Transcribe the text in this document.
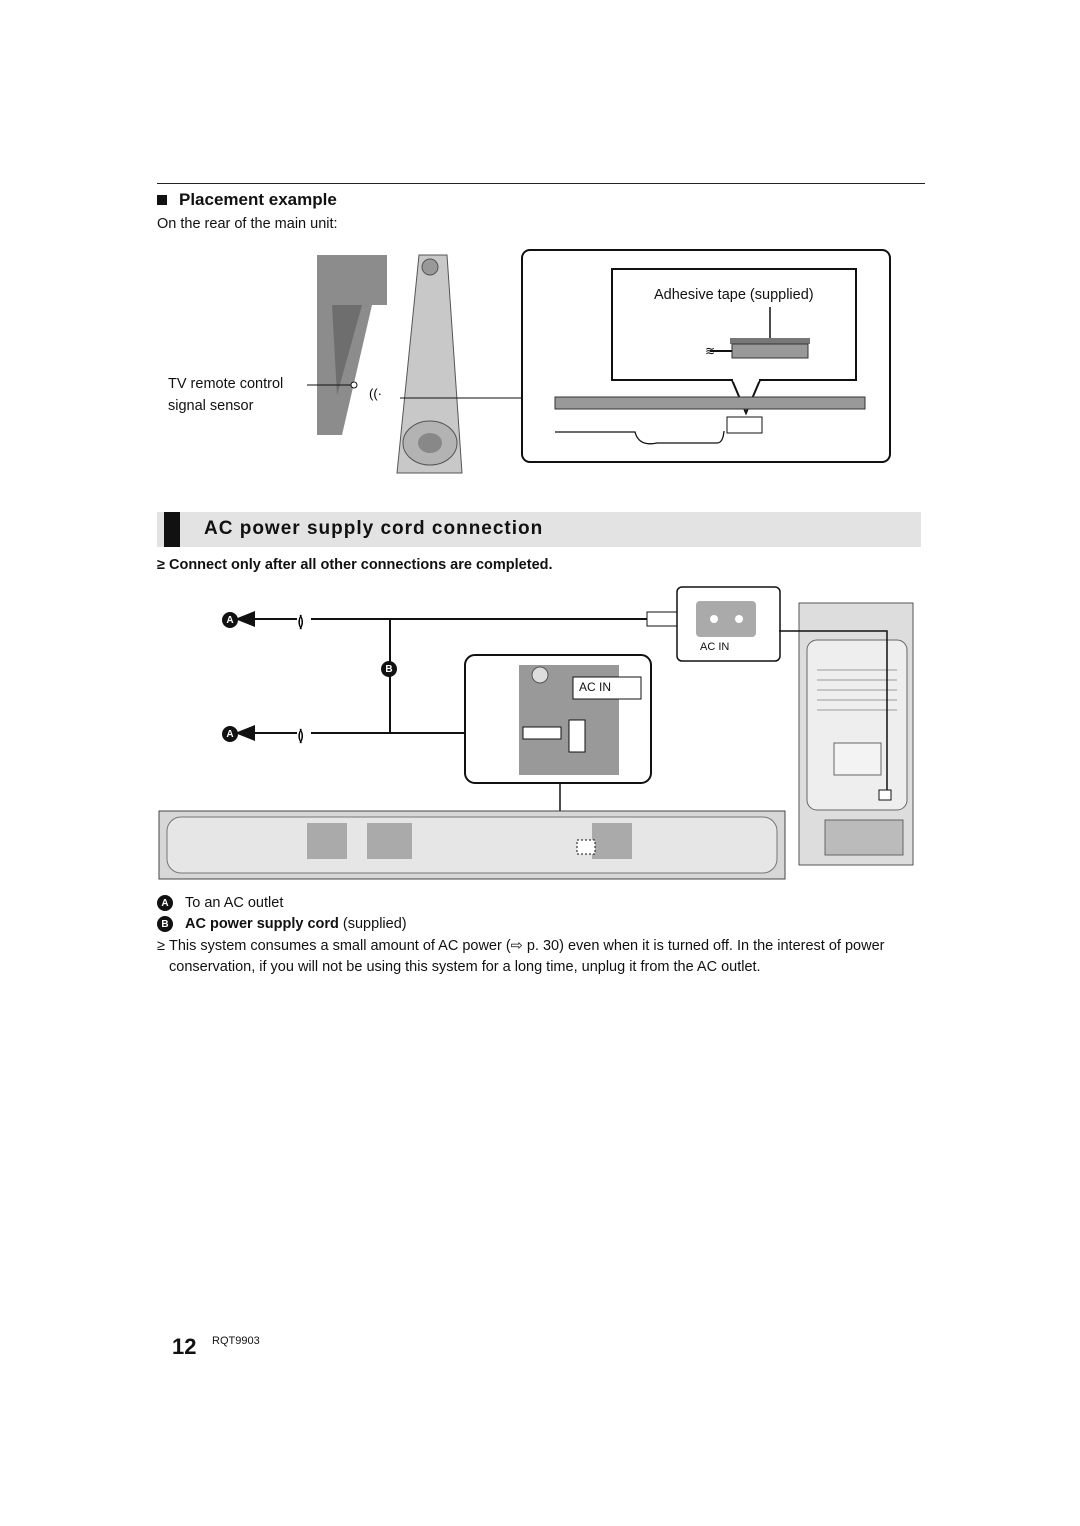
Placement example
On the rear of the main unit:
((·
≋
Adhesive tape (supplied)
TV remote control
signal sensor
AC power supply cord connection
≥ Connect only after all other connections are completed.
≬
≬
A
B
A
AC IN
AC IN
A	To an AC outlet
B	AC power supply cord (supplied)
≥ This system consumes a small amount of AC power (⇨ p. 30) even when it is turned off. In the interest of power conservation, if you will not be using this system for a long time, unplug it from the AC outlet.

12 RQT9903
